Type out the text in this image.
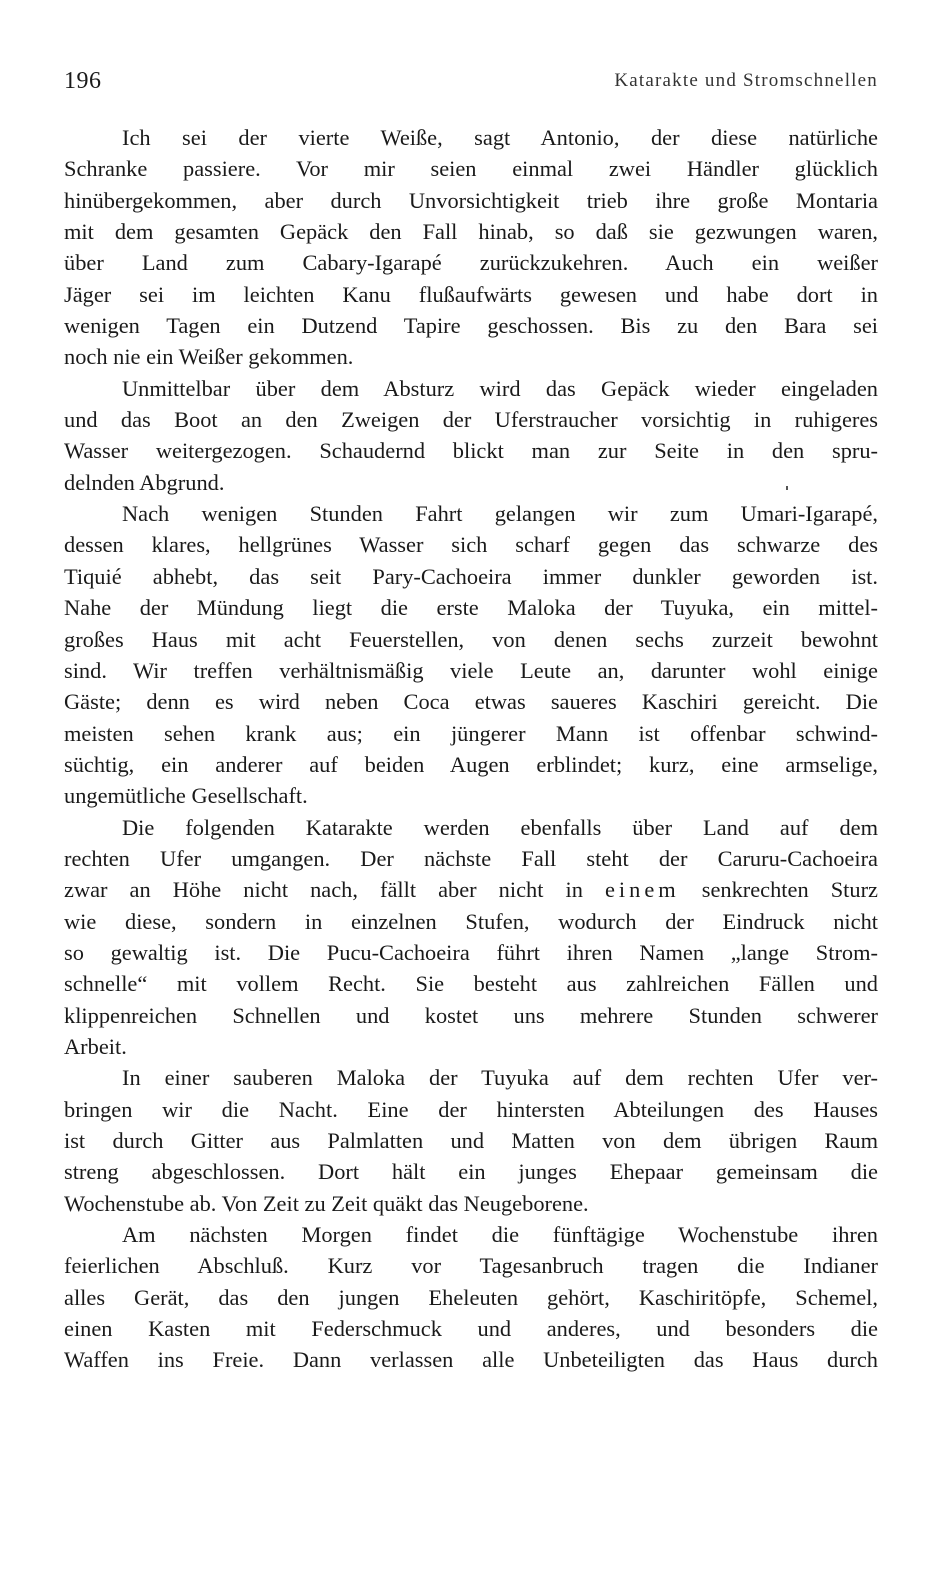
196	Katarakte und Stromschnellen
Ich sei der vierte Weiße, sagt Antonio, der diese natürliche
Schranke passiere. Vor mir seien einmal zwei Händler glücklich
hinübergekommen, aber durch Unvorsichtigkeit trieb ihre große Montaria
mit dem gesamten Gepäck den Fall hinab, so daß sie gezwungen waren,
über Land zum Cabary-Igarapé zurückzukehren. Auch ein weißer
Jäger sei im leichten Kanu flußaufwärts gewesen und habe dort in
wenigen Tagen ein Dutzend Tapire geschossen. Bis zu den Bara sei
noch nie ein Weißer gekommen.
Unmittelbar über dem Absturz wird das Gepäck wieder eingeladen
und das Boot an den Zweigen der Uferstraucher vorsichtig in ruhigeres
Wasser weitergezogen. Schaudernd blickt man zur Seite in den spru-
delnden Abgrund.
Nach wenigen Stunden Fahrt gelangen wir zum Umari-Igarapé,
dessen klares, hellgrünes Wasser sich scharf gegen das schwarze des
Tiquié abhebt, das seit Pary-Cachoeira immer dunkler geworden ist.
Nahe der Mündung liegt die erste Maloka der Tuyuka, ein mittel-
großes Haus mit acht Feuerstellen, von denen sechs zurzeit bewohnt
sind. Wir treffen verhältnismäßig viele Leute an, darunter wohl einige
Gäste; denn es wird neben Coca etwas saueres Kaschiri gereicht. Die
meisten sehen krank aus; ein jüngerer Mann ist offenbar schwind-
süchtig, ein anderer auf beiden Augen erblindet; kurz, eine armselige,
ungemütliche Gesellschaft.
Die folgenden Katarakte werden ebenfalls über Land auf dem
rechten Ufer umgangen. Der nächste Fall steht der Caruru-Cachoeira
zwar an Höhe nicht nach, fällt aber nicht in einem senkrechten Sturz
wie diese, sondern in einzelnen Stufen, wodurch der Eindruck nicht
so gewaltig ist. Die Pucu-Cachoeira führt ihren Namen „lange Strom-
schnelle“ mit vollem Recht. Sie besteht aus zahlreichen Fällen und
klippenreichen Schnellen und kostet uns mehrere Stunden schwerer
Arbeit.
In einer sauberen Maloka der Tuyuka auf dem rechten Ufer ver-
bringen wir die Nacht. Eine der hintersten Abteilungen des Hauses
ist durch Gitter aus Palmlatten und Matten von dem übrigen Raum
streng abgeschlossen. Dort hält ein junges Ehepaar gemeinsam die
Wochenstube ab. Von Zeit zu Zeit quäkt das Neugeborene.
Am nächsten Morgen findet die fünftägige Wochenstube ihren
feierlichen Abschluß. Kurz vor Tagesanbruch tragen die Indianer
alles Gerät, das den jungen Eheleuten gehört, Kaschiritöpfe, Schemel,
einen Kasten mit Federschmuck und anderes, und besonders die
Waffen ins Freie. Dann verlassen alle Unbeteiligten das Haus durch
